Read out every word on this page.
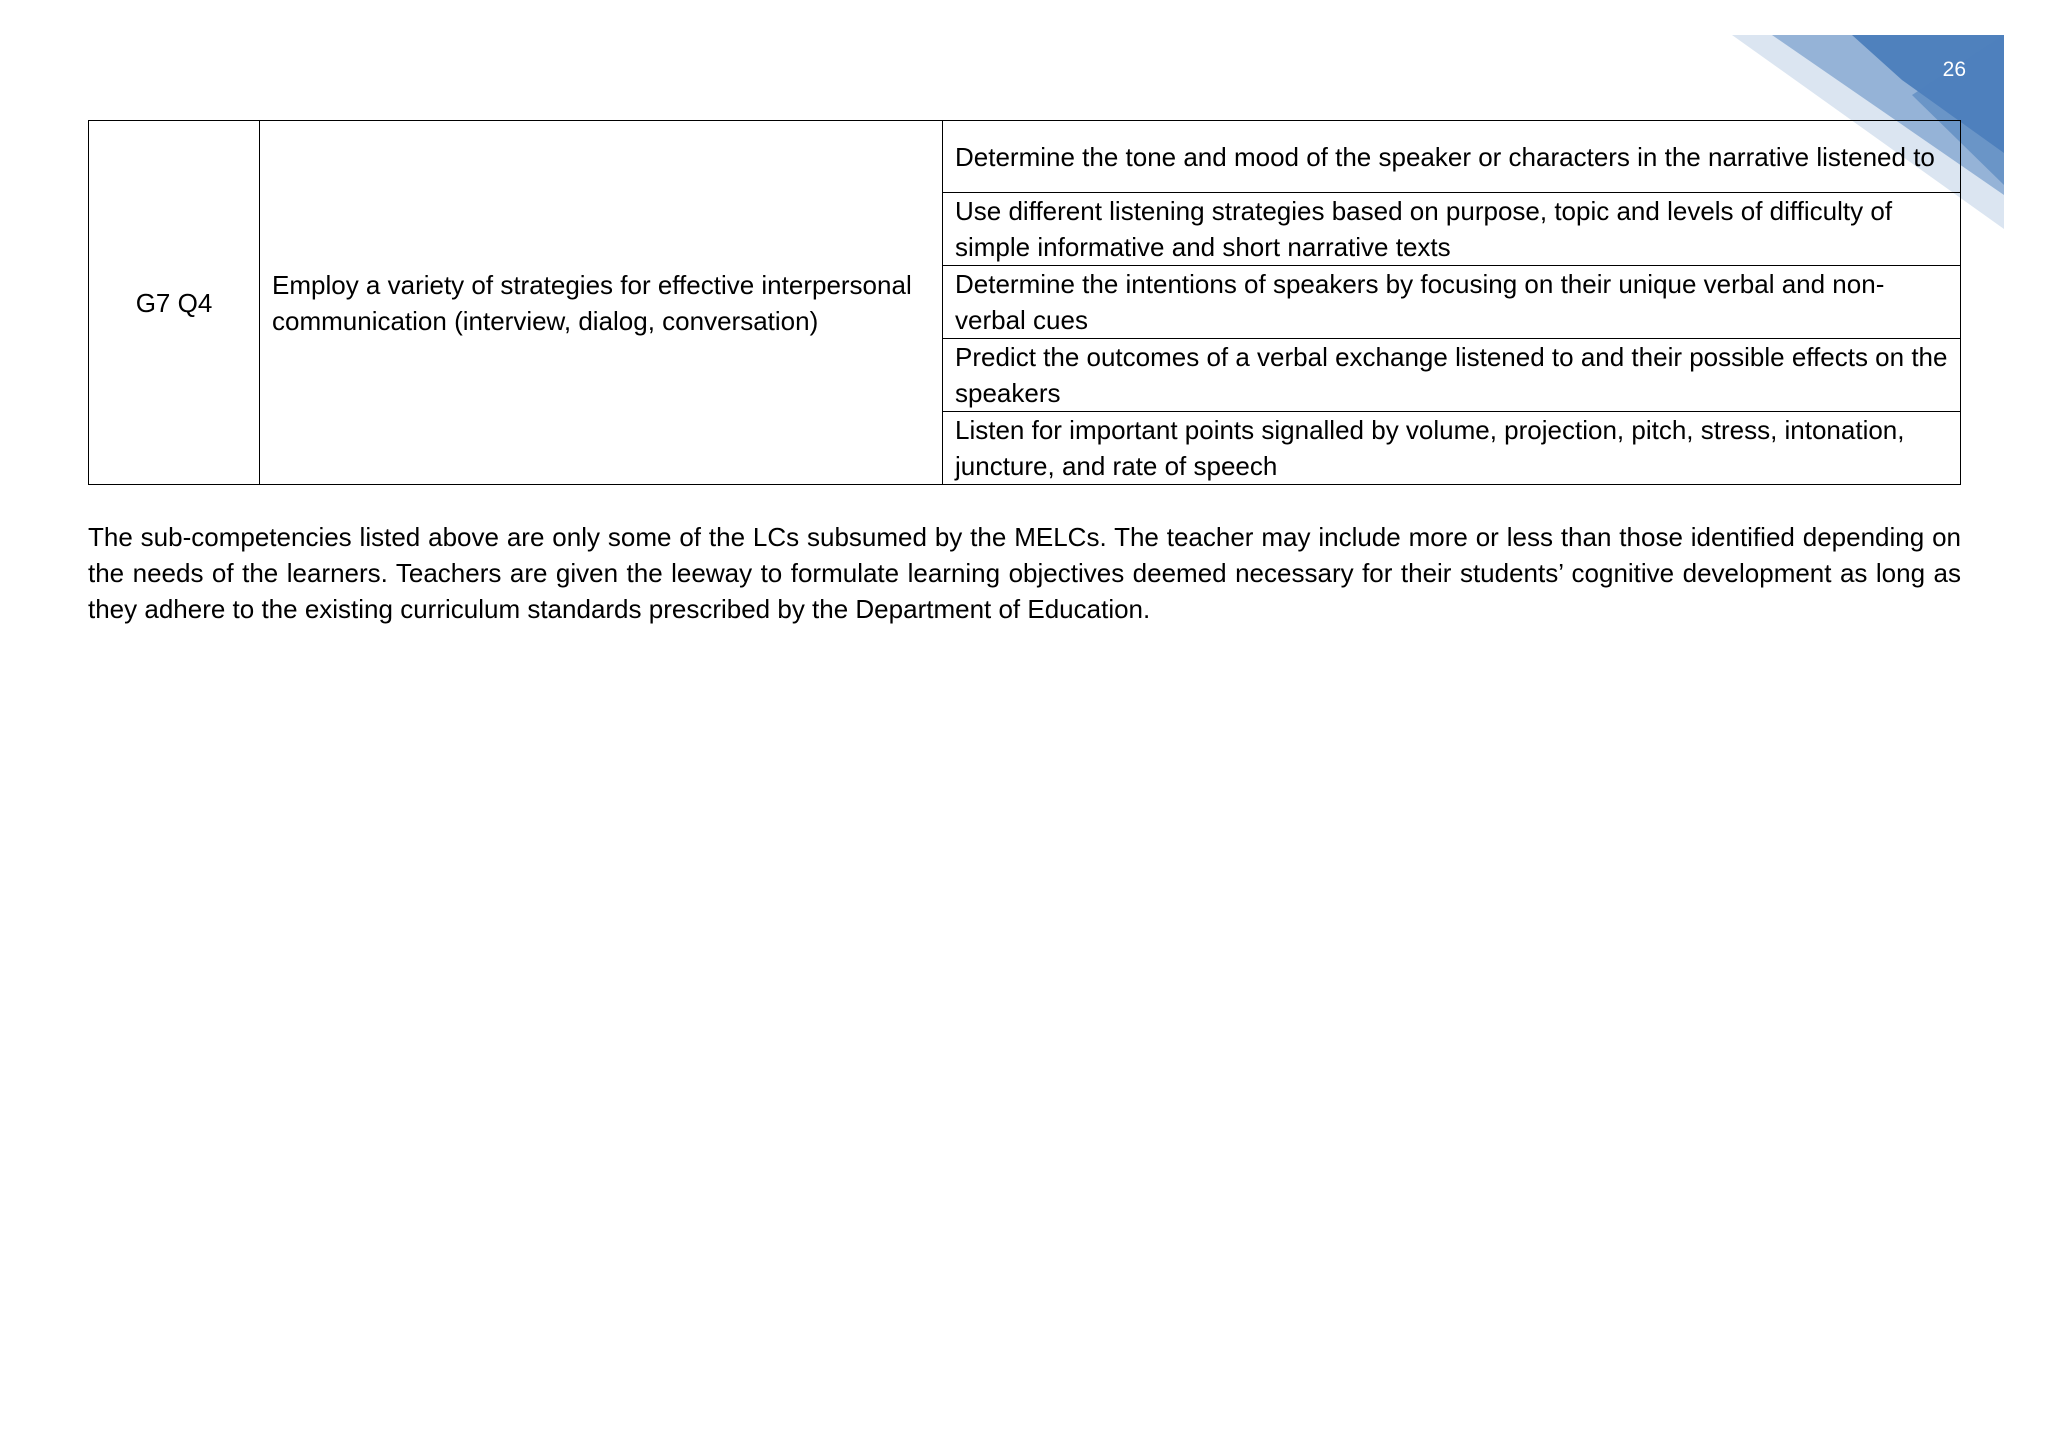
26
G7 Q4	Employ a variety of strategies for effective interpersonal communication (interview, dialog, conversation)	Determine the tone and mood of the speaker or characters in the narrative listened to
Use different listening strategies based on purpose, topic and levels of difficulty of simple informative and short narrative texts
Determine the intentions of speakers by focusing on their unique verbal and non-verbal cues
Predict the outcomes of a verbal exchange listened to and their possible effects on the speakers
Listen for important points signalled by volume, projection, pitch, stress, intonation, juncture, and rate of speech

The sub-competencies listed above are only some of the LCs subsumed by the MELCs. The teacher may include more or less than those identified depending on the needs of the learners. Teachers are given the leeway to formulate learning objectives deemed necessary for their students’ cognitive development as long as they adhere to the existing curriculum standards prescribed by the Department of Education.
